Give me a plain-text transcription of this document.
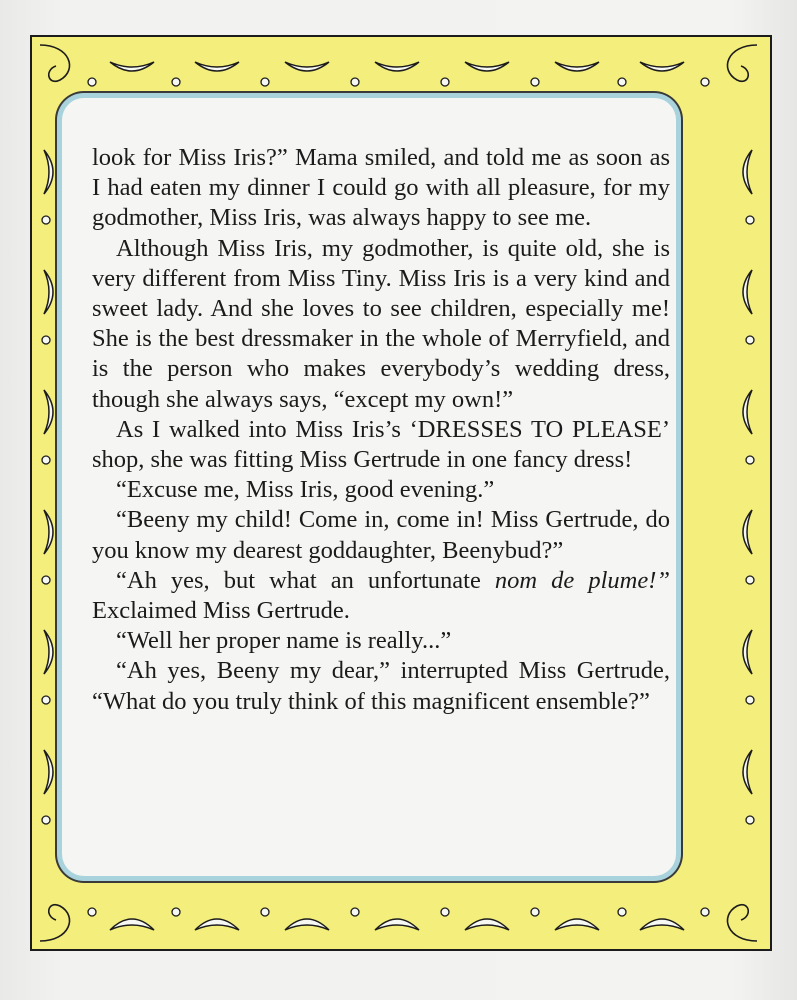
look for Miss Iris?” Mama smiled, and told me as soon as I had eaten my dinner I could go with all pleasure, for my godmother, Miss Iris, was always happy to see me.

Although Miss Iris, my godmother, is quite old, she is very different from Miss Tiny. Miss Iris is a very kind and sweet lady. And she loves to see children, especially me! She is the best dressmaker in the whole of Merryfield, and is the person who makes everybody’s wedding dress, though she always says, “except my own!”

As I walked into Miss Iris’s ‘DRESSES TO PLEASE’ shop, she was fitting Miss Gertrude in one fancy dress!

“Excuse me, Miss Iris, good evening.”

“Beeny my child! Come in, come in! Miss Gertrude, do you know my dearest goddaughter, Beenybud?”

“Ah yes, but what an unfortunate nom de plume!” Exclaimed Miss Gertrude.

“Well her proper name is really...”

“Ah yes, Beeny my dear,” interrupted Miss Gertrude, “What do you truly think of this magnificent ensemble?”
